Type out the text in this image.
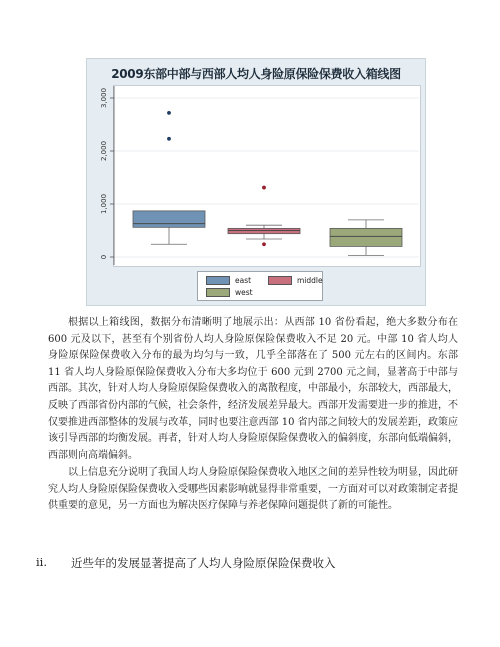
2009东部中部与西部人均人身险原保险保费收入箱线图
0
1,000
2,000
3,000
east	middle
west

根据以上箱线图，数据分布清晰明了地展示出：从西部 10 省份看起，绝大多数分布在 600 元及以下，甚至有个别省份人均人身险原保险保费收入不足 20 元。中部 10 省人均人身险原保险保费收入分布的最为均匀与一致，几乎全部落在了 500 元左右的区间内。东部 11 省人均人身险原保险保费收入分布大多均位于 600 元到 2700 元之间，显著高于中部与西部。其次，针对人均人身险原保险保费收入的离散程度，中部最小，东部较大，西部最大，反映了西部省份内部的气候，社会条件，经济发展差异最大。西部开发需要进一步的推进，不仅要推进西部整体的发展与改革，同时也要注意西部 10 省内部之间较大的发展差距，政策应该引导西部的均衡发展。再者，针对人均人身险原保险保费收入的偏斜度，东部向低端偏斜，西部则向高端偏斜。

以上信息充分说明了我国人均人身险原保险保费收入地区之间的差异性较为明显，因此研究人均人身险原保险保费收入受哪些因素影响就显得非常重要，一方面对可以对政策制定者提供重要的意见，另一方面也为解决医疗保障与养老保障问题提供了新的可能性。

ii. 近些年的发展显著提高了人均人身险原保险保费收入
